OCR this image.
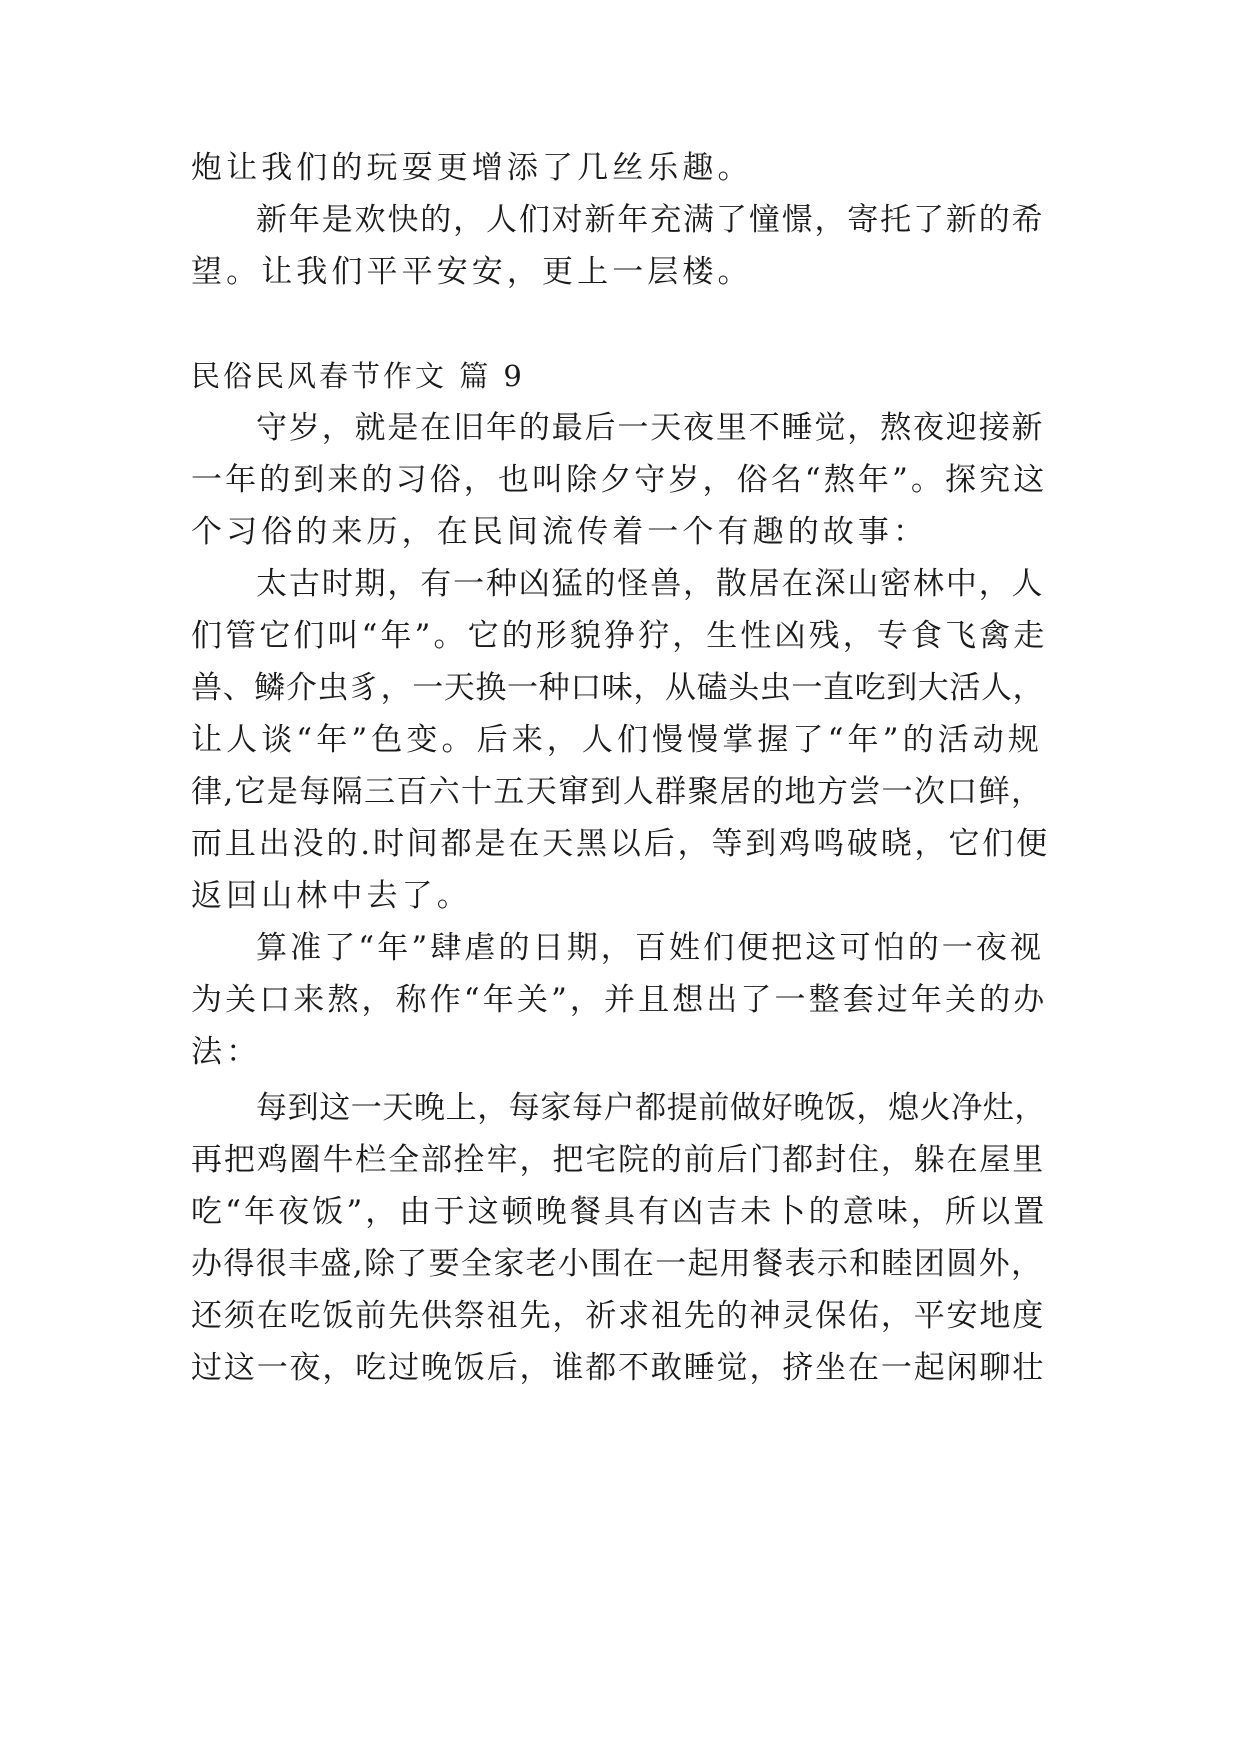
炮让我们的玩耍更增添了几丝乐趣。
新年是欢快的，人们对新年充满了憧憬，寄托了新的希
望。让我们平平安安，更上一层楼。
民俗民风春节作文 篇 9
守岁，就是在旧年的最后一天夜里不睡觉，熬夜迎接新
一年的到来的习俗，也叫除夕守岁，俗名“熬年”。探究这
个习俗的来历，在民间流传着一个有趣的故事：
太古时期，有一种凶猛的怪兽，散居在深山密林中，人
们管它们叫“年”。它的形貌狰狞，生性凶残，专食飞禽走
兽、鳞介虫豸，一天换一种口味，从磕头虫一直吃到大活人，
让人谈“年”色变。后来，人们慢慢掌握了“年”的活动规
律,它是每隔三百六十五天窜到人群聚居的地方尝一次口鲜，
而且出没的.时间都是在天黑以后，等到鸡鸣破晓，它们便
返回山林中去了。
算准了“年”肆虐的日期，百姓们便把这可怕的一夜视
为关口来熬，称作“年关”，并且想出了一整套过年关的办
法：
每到这一天晚上，每家每户都提前做好晚饭，熄火净灶，
再把鸡圈牛栏全部拴牢，把宅院的前后门都封住，躲在屋里
吃“年夜饭”，由于这顿晚餐具有凶吉未卜的意味，所以置
办得很丰盛,除了要全家老小围在一起用餐表示和睦团圆外，
还须在吃饭前先供祭祖先，祈求祖先的神灵保佑，平安地度
过这一夜，吃过晚饭后，谁都不敢睡觉，挤坐在一起闲聊壮
